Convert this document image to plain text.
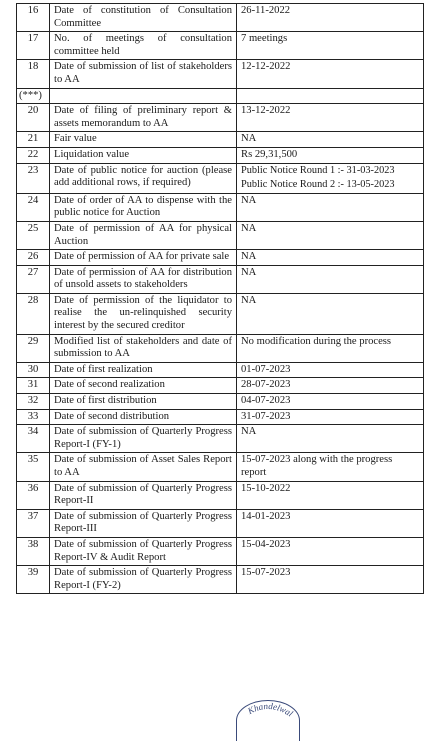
16	Date of constitution of Consultation Committee	26-11-2022
17	No. of meetings of consultation committee held	7 meetings
18	Date of submission of list of stakeholders to AA	12-12-2022
(***)		
20	Date of filing of preliminary report & assets memorandum to AA	13-12-2022
21	Fair value	NA
22	Liquidation value	Rs 29,31,500
23	Date of public notice for auction (please add additional rows, if required)	Public Notice Round 1 :- 31-03-2023
Public Notice Round 2 :- 13-05-2023

24	Date of order of AA to dispense with the public notice for Auction	NA
25	Date of permission of AA for physical Auction	NA
26	Date of permission of AA for private sale	NA
27	Date of permission of AA for distribution of unsold assets to stakeholders	NA
28	Date of permission of the liquidator to realise the un-relinquished security interest by the secured creditor	NA
29	Modified list of stakeholders and date of submission to AA	No modification during the process
30	Date of first realization	01-07-2023
31	Date of second realization	28-07-2023
32	Date of first distribution	04-07-2023
33	Date of second distribution	31-07-2023
34	Date of submission of Quarterly Progress Report-I (FY-1)	NA
35	Date of submission of Asset Sales Report to AA	15-07-2023 along with the progress report
36	Date of submission of Quarterly Progress Report-II	15-10-2022
37	Date of submission of Quarterly Progress Report-III	14-01-2023
38	Date of submission of Quarterly Progress Report-IV & Audit Report	15-04-2023
39	Date of submission of Quarterly Progress Report-I (FY-2)	15-07-2023
Khandelwal
